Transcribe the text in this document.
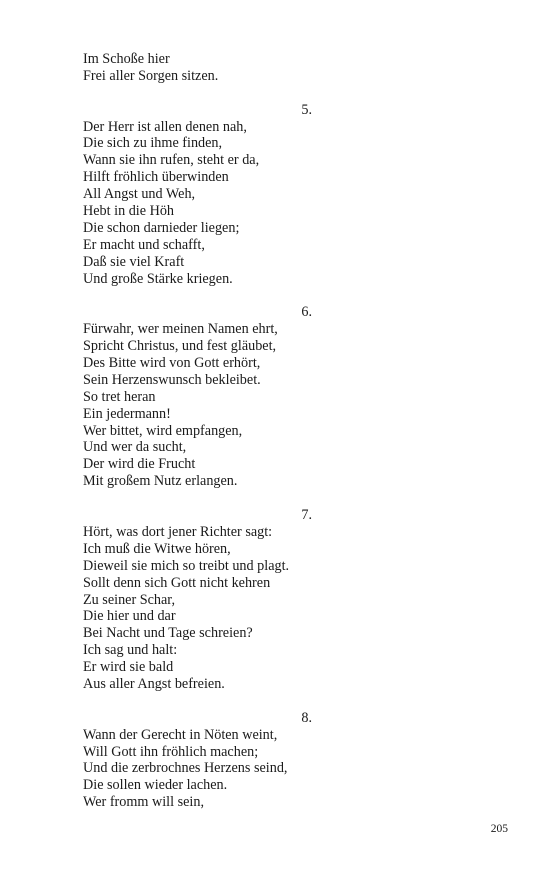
Im Schoße hier
Frei aller Sorgen sitzen.
5.
Der Herr ist allen denen nah,
Die sich zu ihme finden,
Wann sie ihn rufen, steht er da,
Hilft fröhlich überwinden
All Angst und Weh,
Hebt in die Höh
Die schon darnieder liegen;
Er macht und schafft,
Daß sie viel Kraft
Und große Stärke kriegen.
6.
Fürwahr, wer meinen Namen ehrt,
Spricht Christus, und fest gläubet,
Des Bitte wird von Gott erhört,
Sein Herzenswunsch bekleibet.
So tret heran
Ein jedermann!
Wer bittet, wird empfangen,
Und wer da sucht,
Der wird die Frucht
Mit großem Nutz erlangen.
7.
Hört, was dort jener Richter sagt:
Ich muß die Witwe hören,
Dieweil sie mich so treibt und plagt.
Sollt denn sich Gott nicht kehren
Zu seiner Schar,
Die hier und dar
Bei Nacht und Tage schreien?
Ich sag und halt:
Er wird sie bald
Aus aller Angst befreien.
8.
Wann der Gerecht in Nöten weint,
Will Gott ihn fröhlich machen;
Und die zerbrochnes Herzens seind,
Die sollen wieder lachen.
Wer fromm will sein,
205
